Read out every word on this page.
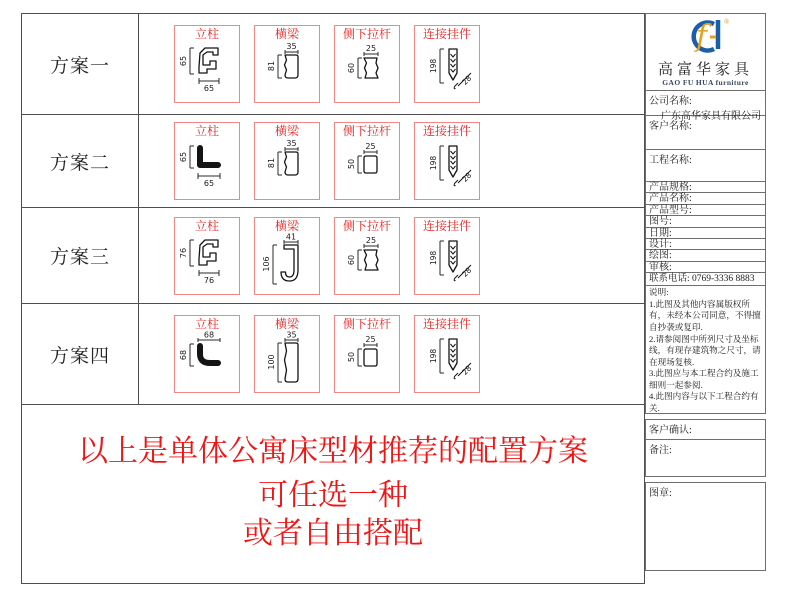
方案一
立柱
65
65
横梁
35
81
侧下拉杆
25
60
连接挂件
198
28
方案二
立柱
65
65
横梁
35
81
侧下拉杆
25
50
连接挂件
198
28
方案三
立柱
76
76
横梁
41
106
侧下拉杆
25
60
连接挂件
198
28
方案四
立柱
68
68
横梁
35
100
侧下拉杆
25
50
连接挂件
198
28

以上是单体公寓床型材推荐的配置方案

可任选一种

或者自由搭配

f	®
高富华家具
GAO FU HUA furniture
公司名称:
广东高华家具有限公司
客户名称:
工程名称:
产品规格:
产品名称:
产品型号:
图号:
日期:
设计:
绘图:
审核:
联系电话: 0769-3336 8883

说明:

1.此图及其他内容属版权所有，未经本公司同意，不得擅自抄袭或复印.

2.请参阅图中所列尺寸及坐标线，有现存建筑物之尺寸，请在现场复核.

3.此图应与本工程合约及施工细则一起参阅.

4.此图内容与以下工程合约有关.

客户确认:
备注:
图章:
